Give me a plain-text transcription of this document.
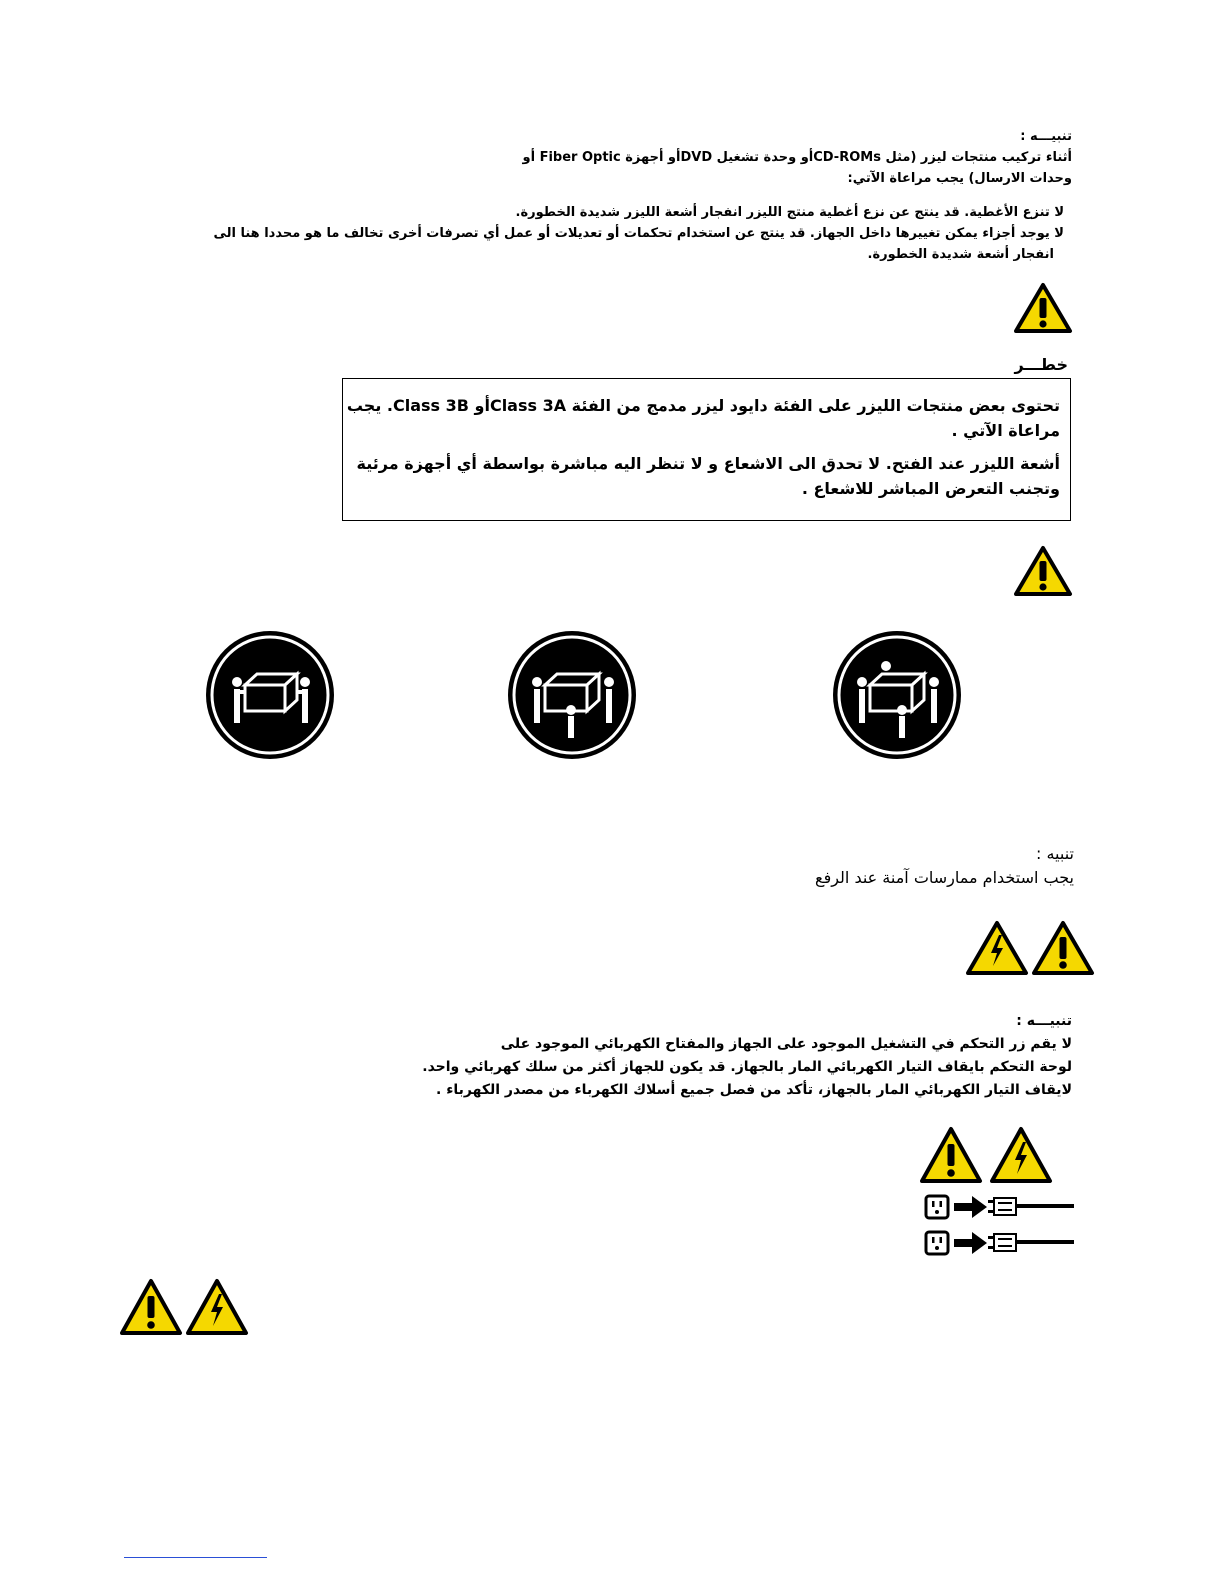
تنبيـــه :
أثناء تركيب منتجات ليزر (مثل CD-ROMsأو وحدة تشغيل DVDأو أجهزة Fiber Optic أو
وحدات الارسال) يجب مراعاة الآتي:
لا تنزع الأغطية. قد ينتج عن نزع أغطية منتج الليزر انفجار أشعة الليزر شديدة الخطورة.
لا يوجد أجزاء يمكن تغييرها داخل الجهاز. قد ينتج عن استخدام تحكمات أو تعديلات أو عمل أي تصرفات أخرى تخالف ما هو محددا هنا الى
انفجار أشعة شديدة الخطورة.
خطـــر
تحتوى بعض منتجات الليزر على الفئة دايود ليزر مدمج من الفئة Class 3Aأو Class 3B. يجب
مراعاة الآتي .
أشعة الليزر عند الفتح. لا تحدق الى الاشعاع و لا تنظر اليه مباشرة بواسطة أي أجهزة مرئية
وتجنب التعرض المباشر للاشعاع .
تنبيه :
يجب استخدام ممارسات آمنة عند الرفع
تنبيـــه :
لا يقم زر التحكم في التشغيل الموجود على الجهاز والمفتاح الكهربائي الموجود على
لوحة التحكم بايقاف التيار الكهربائي المار بالجهاز. قد يكون للجهاز أكثر من سلك كهربائي واحد.
لايقاف التيار الكهربائي المار بالجهاز، تأكد من فصل جميع أسلاك الكهرباء من مصدر الكهرباء .
